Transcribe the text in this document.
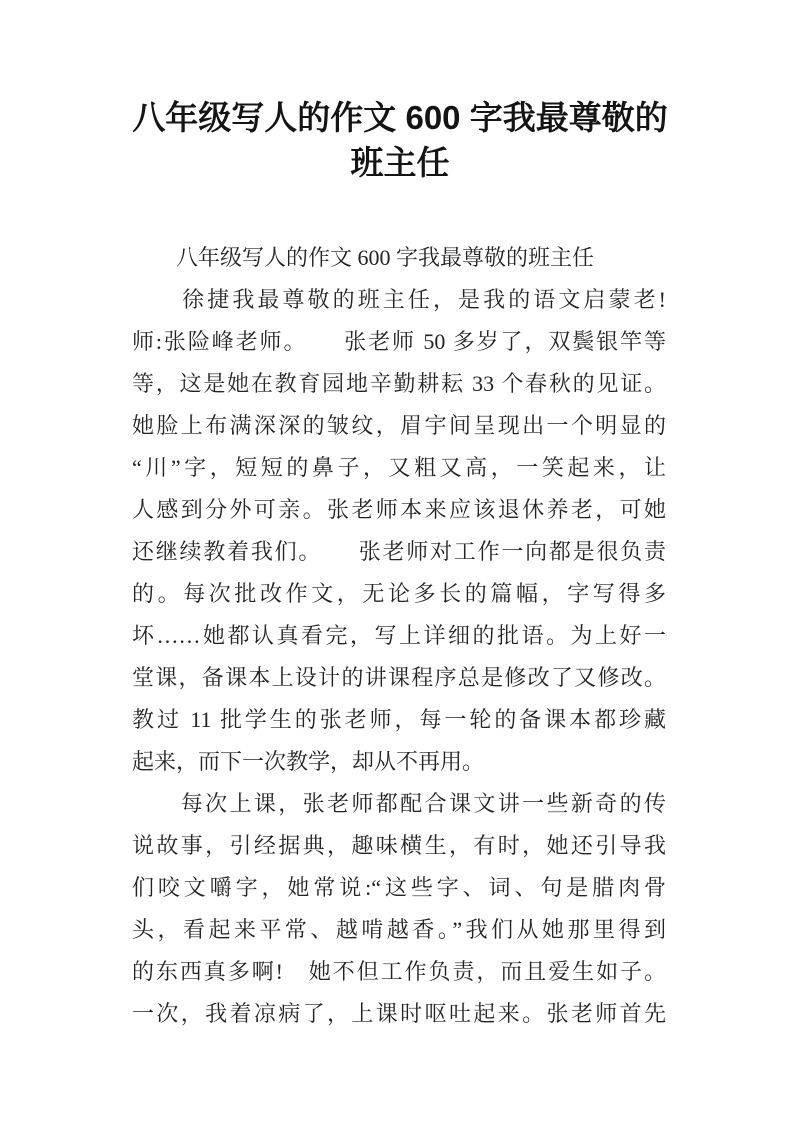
八年级写人的作文 600 字我最尊敬的
班主任
　　八年级写人的作文 600 字我最尊敬的班主任
　　徐捷我最尊敬的班主任，是我的语文启蒙老!
师:张险峰老师。　　张老师 50 多岁了，双鬓银竿等
等，这是她在教育园地辛勤耕耘 33 个春秋的见证。
她脸上布满深深的皱纹，眉宇间呈现出一个明显的
“川”字，短短的鼻子，又粗又高，一笑起来，让
人感到分外可亲。张老师本来应该退休养老，可她
还继续教着我们。　　张老师对工作一向都是很负责
的。每次批改作文，无论多长的篇幅，字写得多
坏……她都认真看完，写上详细的批语。为上好一
堂课，备课本上设计的讲课程序总是修改了又修改。
教过 11 批学生的张老师，每一轮的备课本都珍藏
起来，而下一次教学，却从不再用。
　　每次上课，张老师都配合课文讲一些新奇的传
说故事，引经据典，趣味横生，有时，她还引导我
们咬文嚼字，她常说:“这些字、词、句是腊肉骨
头，看起来平常、越啃越香。”我们从她那里得到
的东西真多啊!　她不但工作负责，而且爱生如子。
一次，我着凉病了，上课时呕吐起来。张老师首先
